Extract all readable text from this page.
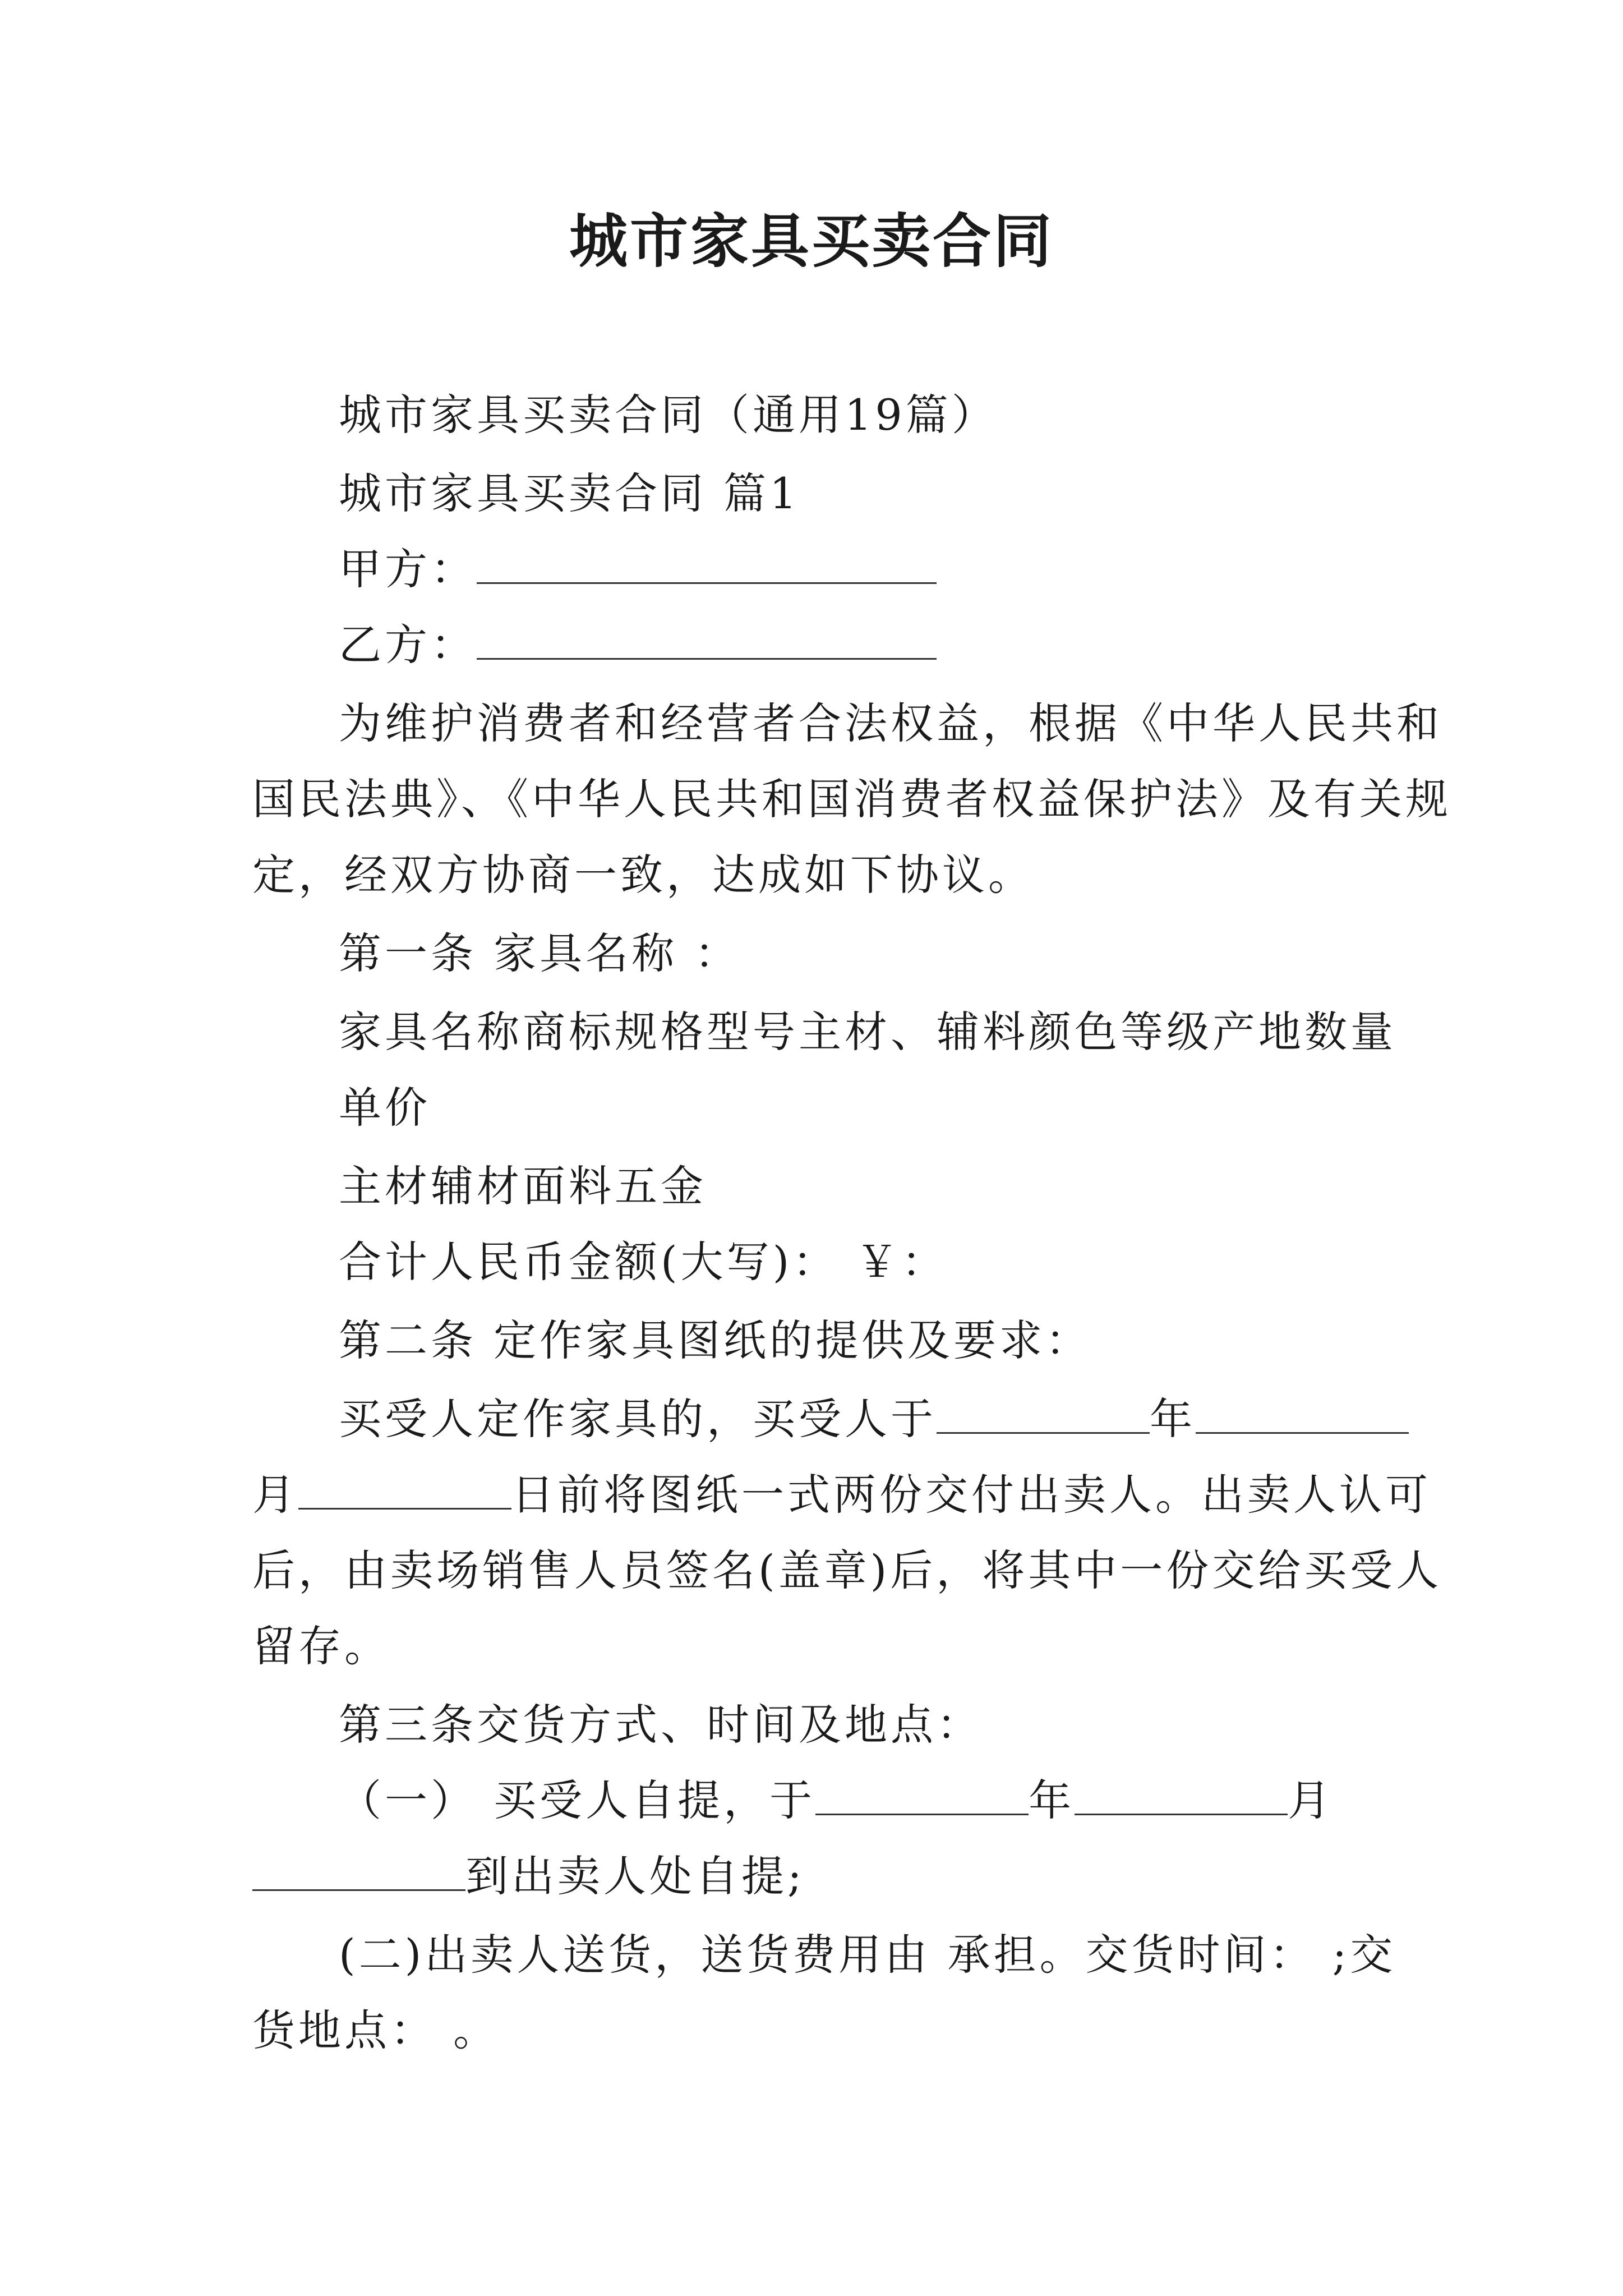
城市家具买卖合同
城市家具买卖合同（通用19篇）
城市家具买卖合同 篇1
甲方：
乙方：
为维护消费者和经营者合法权益，根据《中华人民共和
国民法典》、《中华人民共和国消费者权益保护法》及有关规
定，经双方协商一致，达成如下协议。
第一条 家具名称 ：
家具名称商标规格型号主材、辅料颜色等级产地数量
单价
主材辅材面料五金
合计人民币金额(大写)： ￥：
第二条 定作家具图纸的提供及要求：
买受人定作家具的，买受人于	年
月	日前将图纸一式两份交付出卖人。出卖人认可
后，由卖场销售人员签名(盖章)后，将其中一份交给买受人
留存。
第三条交货方式、时间及地点：
（一） 买受人自提，于	年	月
到出卖人处自提;
(二)出卖人送货，送货费用由 承担。交货时间： ;交
货地点： 。
